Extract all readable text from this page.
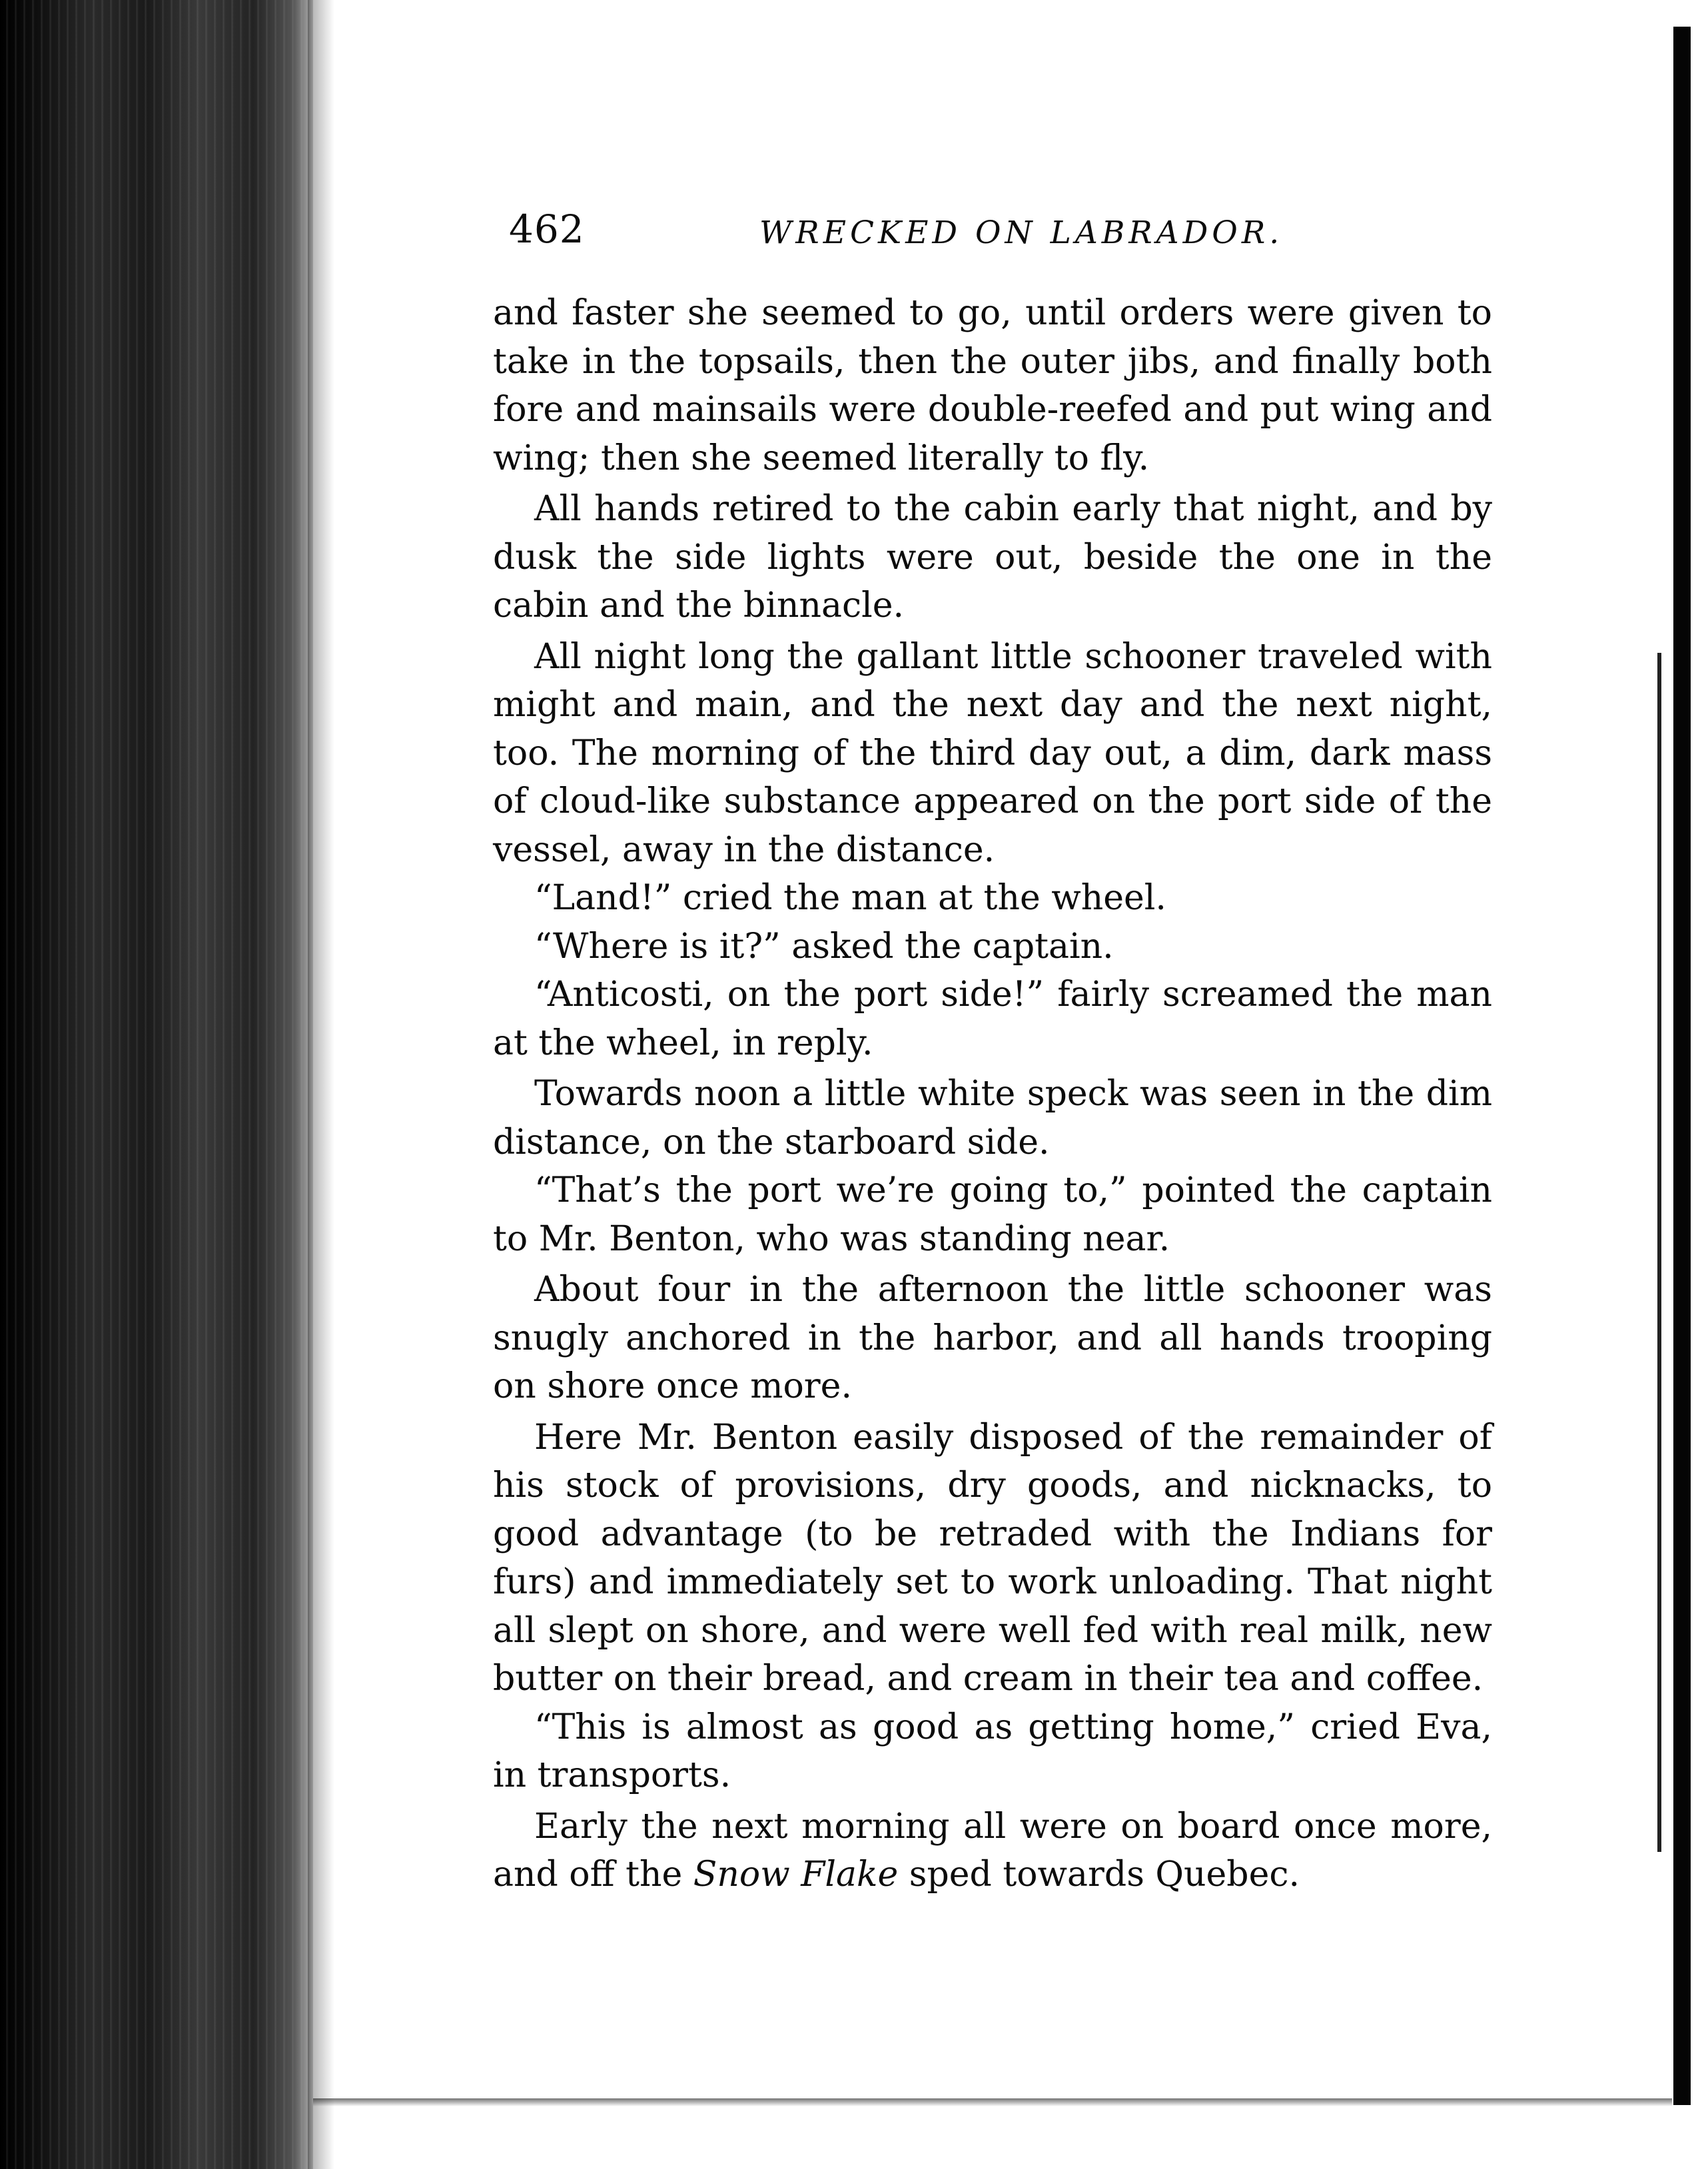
462	WRECKED ON LABRADOR.

and faster she seemed to go, until orders were given to take in the topsails, then the outer jibs, and finally both fore and mainsails were double-reefed and put wing and wing; then she seemed literally to fly.

All hands retired to the cabin early that night, and by dusk the side lights were out, beside the one in the cabin and the binnacle.

All night long the gallant little schooner traveled with might and main, and the next day and the next night, too. The morning of the third day out, a dim, dark mass of cloud-like substance appeared on the port side of the vessel, away in the distance.

“Land!” cried the man at the wheel.

“Where is it?” asked the captain.

“Anticosti, on the port side!” fairly screamed the man at the wheel, in reply.

Towards noon a little white speck was seen in the dim distance, on the starboard side.

“That’s the port we’re going to,” pointed the captain to Mr. Benton, who was standing near.

About four in the afternoon the little schooner was snugly anchored in the harbor, and all hands trooping on shore once more.

Here Mr. Benton easily disposed of the remainder of his stock of provisions, dry goods, and nicknacks, to good advantage (to be retraded with the Indians for furs) and immediately set to work unloading. That night all slept on shore, and were well fed with real milk, new butter on their bread, and cream in their tea and coffee.

“This is almost as good as getting home,” cried Eva, in transports.

Early the next morning all were on board once more, and off the Snow Flake sped towards Quebec.
